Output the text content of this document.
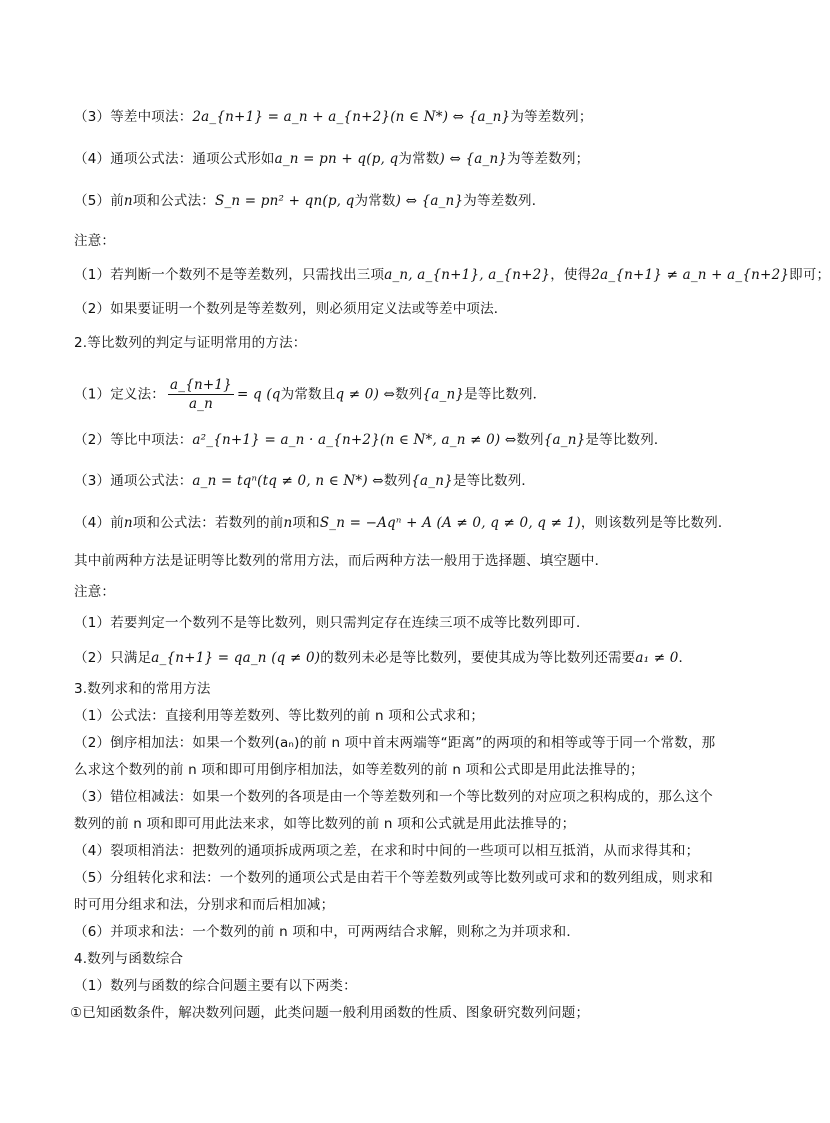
（3）等差中项法：2a_{n+1} = a_n + a_{n+2}(n ∈ N*) ⇔ {a_n}为等差数列；
（4）通项公式法：通项公式形如a_n = pn + q(p, q为常数) ⇔ {a_n}为等差数列；
（5）前n项和公式法：S_n = pn² + qn(p, q为常数) ⇔ {a_n}为等差数列．
注意：
（1）若判断一个数列不是等差数列，只需找出三项a_n, a_{n+1}, a_{n+2}，使得2a_{n+1} ≠ a_n + a_{n+2}即可；
（2）如果要证明一个数列是等差数列，则必须用定义法或等差中项法．
2.等比数列的判定与证明常用的方法：
（1）定义法： $\frac{a\_\{n+1\}}{a\_n} = q$ (q为常数且q ≠ 0) ⇔数列{a_n}是等比数列．
（2）等比中项法：a²_{n+1} = a_n · a_{n+2}(n ∈ N*, a_n ≠ 0) ⇔数列{a_n}是等比数列．
（3）通项公式法：a_n = tqⁿ(tq ≠ 0, n ∈ N*) ⇔数列{a_n}是等比数列．
（4）前n项和公式法：若数列的前n项和S_n = −Aqⁿ + A (A ≠ 0, q ≠ 0, q ≠ 1)，则该数列是等比数列．
其中前两种方法是证明等比数列的常用方法，而后两种方法一般用于选择题、填空题中．
注意：
（1）若要判定一个数列不是等比数列，则只需判定存在连续三项不成等比数列即可．
（2）只满足a_{n+1} = qa_n (q ≠ 0)的数列未必是等比数列，要使其成为等比数列还需要a₁ ≠ 0．
3.数列求和的常用方法
（1）公式法：直接利用等差数列、等比数列的前 n 项和公式求和；
（2）倒序相加法：如果一个数列(aₙ)的前 n 项中首末两端等“距离”的两项的和相等或等于同一个常数，那
么求这个数列的前 n 项和即可用倒序相加法，如等差数列的前 n 项和公式即是用此法推导的；
（3）错位相减法：如果一个数列的各项是由一个等差数列和一个等比数列的对应项之积构成的，那么这个
数列的前 n 项和即可用此法来求，如等比数列的前 n 项和公式就是用此法推导的；
（4）裂项相消法：把数列的通项拆成两项之差，在求和时中间的一些项可以相互抵消，从而求得其和；
（5）分组转化求和法：一个数列的通项公式是由若干个等差数列或等比数列或可求和的数列组成，则求和
时可用分组求和法，分别求和而后相加减；
（6）并项求和法：一个数列的前 n 项和中，可两两结合求解，则称之为并项求和．
4.数列与函数综合
（1）数列与函数的综合问题主要有以下两类：
①已知函数条件，解决数列问题，此类问题一般利用函数的性质、图象研究数列问题；
